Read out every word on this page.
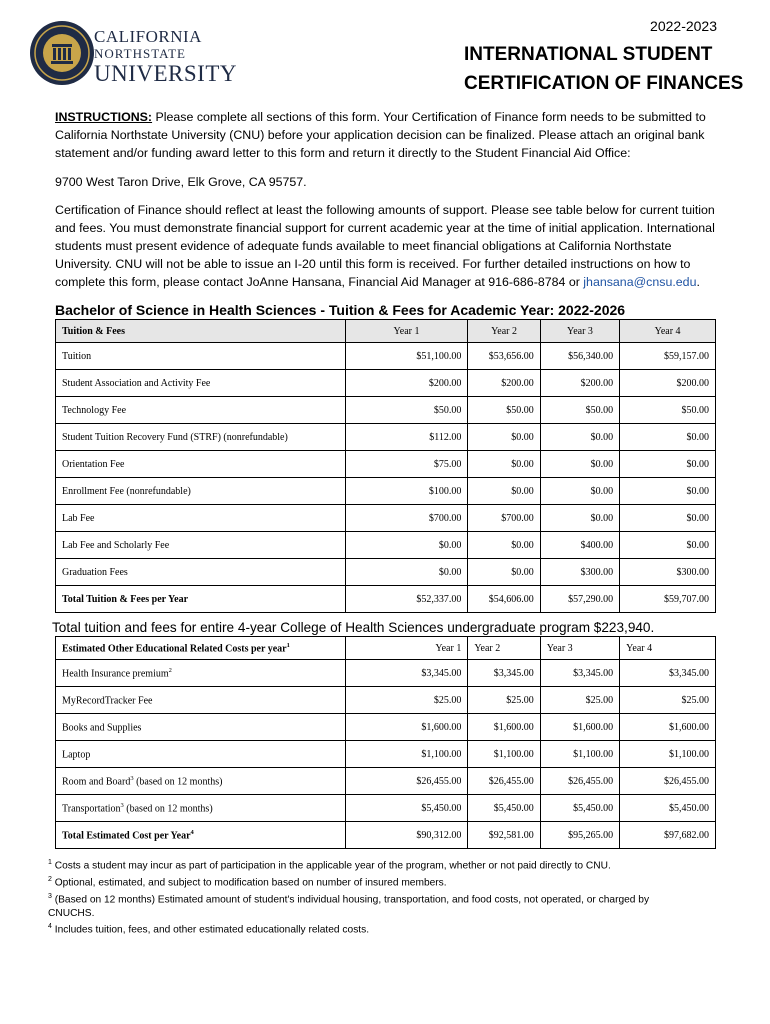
CALIFORNIA
NORTHSTATE
UNIVERSITY
2022-2023
INTERNATIONAL STUDENT
CERTIFICATION OF FINANCES
INSTRUCTIONS: Please complete all sections of this form. Your Certification of Finance form needs to be submitted to California Northstate University (CNU) before your application decision can be finalized. Please attach an original bank statement and/or funding award letter to this form and return it directly to the Student Financial Aid Office:
9700 West Taron Drive, Elk Grove, CA 95757.
Certification of Finance should reflect at least the following amounts of support. Please see table below for current tuition and fees. You must demonstrate financial support for current academic year at the time of initial application. International students must present evidence of adequate funds available to meet financial obligations at California Northstate University. CNU will not be able to issue an I-20 until this form is received. For further detailed instructions on how to complete this form, please contact JoAnne Hansana, Financial Aid Manager at 916-686-8784 or jhansana@cnsu.edu.
Bachelor of Science in Health Sciences - Tuition & Fees for Academic Year: 2022-2026
Tuition & Fees	Year 1	Year 2	Year 3	Year 4
Tuition	$51,100.00	$53,656.00	$56,340.00	$59,157.00
Student Association and Activity Fee	$200.00	$200.00	$200.00	$200.00
Technology Fee	$50.00	$50.00	$50.00	$50.00
Student Tuition Recovery Fund (STRF) (nonrefundable)	$112.00	$0.00	$0.00	$0.00
Orientation Fee	$75.00	$0.00	$0.00	$0.00
Enrollment Fee (nonrefundable)	$100.00	$0.00	$0.00	$0.00
Lab Fee	$700.00	$700.00	$0.00	$0.00
Lab Fee and Scholarly Fee	$0.00	$0.00	$400.00	$0.00
Graduation Fees	$0.00	$0.00	$300.00	$300.00
Total Tuition & Fees per Year	$52,337.00	$54,606.00	$57,290.00	$59,707.00
Total tuition and fees for entire 4-year College of Health Sciences undergraduate program $223,940.
Estimated Other Educational Related Costs per year$^1$	Year 1	Year 2	Year 3	Year 4
Health Insurance premium$^2$	$3,345.00	$3,345.00	$3,345.00	$3,345.00
MyRecordTracker Fee	$25.00	$25.00	$25.00	$25.00
Books and Supplies	$1,600.00	$1,600.00	$1,600.00	$1,600.00
Laptop	$1,100.00	$1,100.00	$1,100.00	$1,100.00
Room and Board$^3$ (based on 12 months)	$26,455.00	$26,455.00	$26,455.00	$26,455.00
Transportation$^3$ (based on 12 months)	$5,450.00	$5,450.00	$5,450.00	$5,450.00
Total Estimated Cost per Year$^4$	$90,312.00	$92,581.00	$95,265.00	$97,682.00
$^1$ Costs a student may incur as part of participation in the applicable year of the program, whether or not paid directly to CNU.
$^2$ Optional, estimated, and subject to modification based on number of insured members.
$^3$ (Based on 12 months) Estimated amount of student's individual housing, transportation, and food costs, not operated, or charged by CNUCHS.
$^4$ Includes tuition, fees, and other estimated educationally related costs.
